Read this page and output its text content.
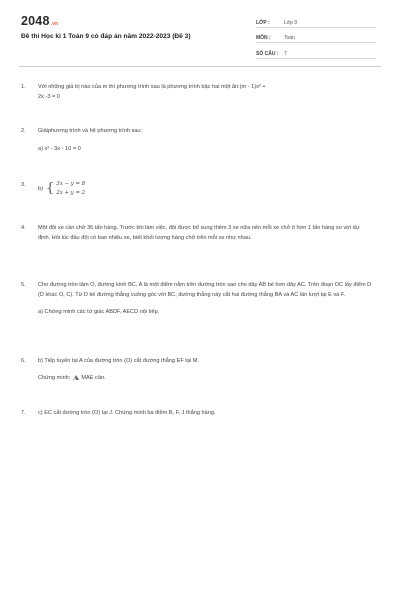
2048.vn
Đề thi Học kì 1 Toán 9 có đáp án năm 2022-2023 (Đề 3)
LỚP :	Lớp 9
MÔN :	Toán
SỐ CÂU :	7
1.	Với những giá trị nào của m thì phương trình sau là phương trình bậc hai một ẩn:(m - 1)x² +
2x -3 = 0
2.	Giảiphương trình và hệ phương trình sau:
a) x² - 3x - 10 = 0
3.
b) { 3x − y = 8
2x + y = 2
4.	Một đội xe cần chở 36 tấn hàng. Trước khi làm việc, đội được bổ sung thêm 3 xe nữa nên mỗi xe chở ít hơn 1 tấn hàng so với dự định. Hỏi lúc đầu đội có bao nhiêu xe, biết khối lượng hàng chở trên mỗi xe như nhau.
5.	Cho đường tròn tâm O, đường kính BC, A là một điểm nằm trên đường tròn sao cho dây AB bé hơn dây AC. Trên đoạn OC lấy điểm D (D khác O, C). Từ D kẻ đường thẳng vuông góc với BC, đường thẳng này cắt hai đường thẳng BA và AC lần lượt tại E và F.
a) Chứng minh các tứ giác ABDF, AECD nội tiếp.
6.	b) Tiếp tuyến tại A của đường tròn (O) cắt đường thẳng EF tại M.
Chứng minh: MAE cân.
7.	c) EC cắt đường tròn (O) tại J. Chứng minh ba điểm B, F, J thẳng hàng.
